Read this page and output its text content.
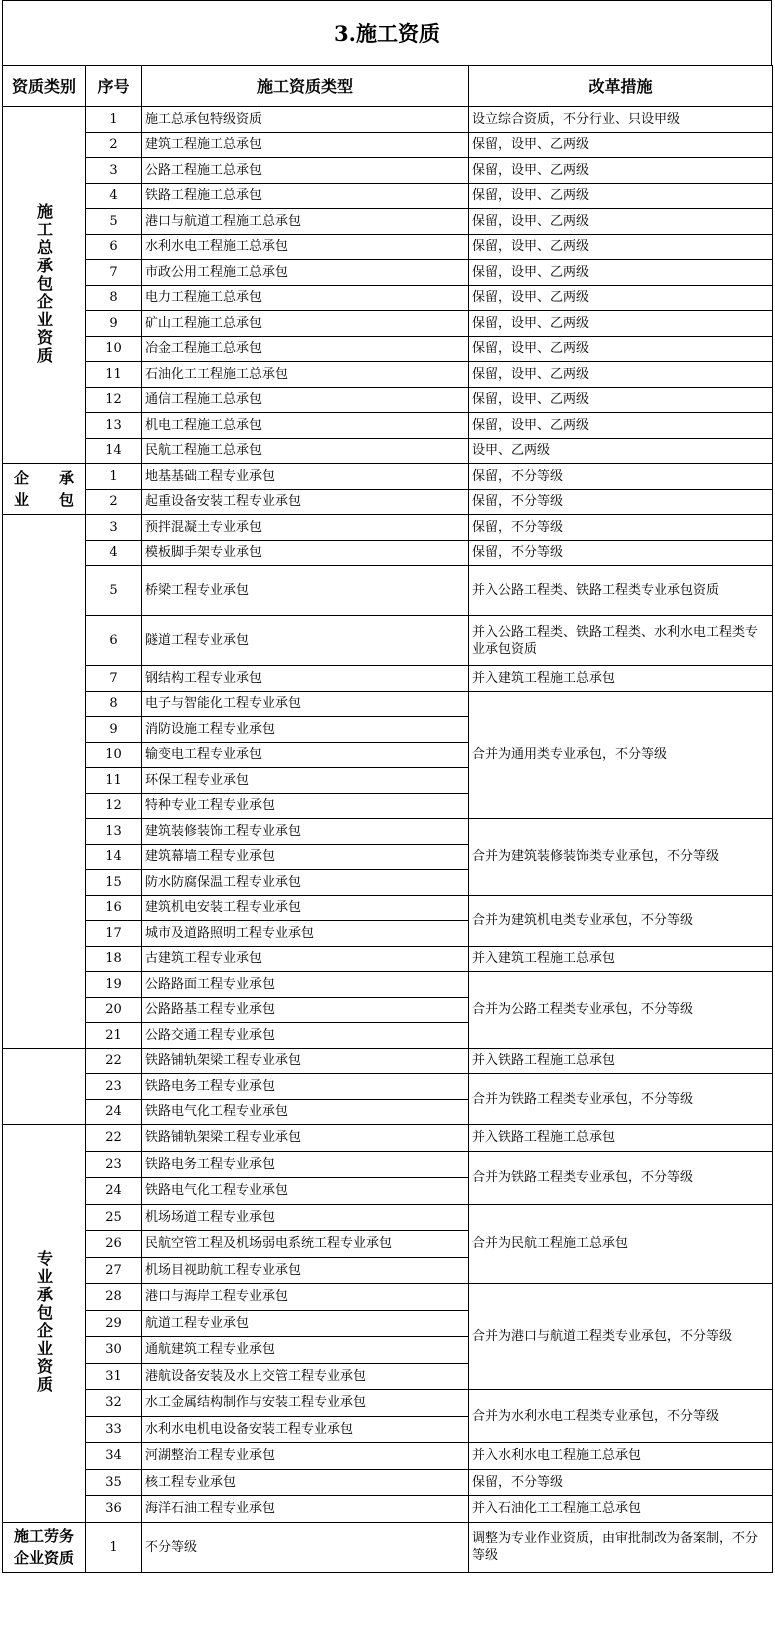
3.施工资质
资质类别	序号	施工资质类型	改革措施
施工总承包企业资质	1	施工总承包特级资质	设立综合资质，不分行业、只设甲级
	2	建筑工程施工总承包	保留，设甲、乙两级
	3	公路工程施工总承包	保留，设甲、乙两级
	4	铁路工程施工总承包	保留，设甲、乙两级
	5	港口与航道工程施工总承包	保留，设甲、乙两级
	6	水利水电工程施工总承包	保留，设甲、乙两级
	7	市政公用工程施工总承包	保留，设甲、乙两级
	8	电力工程施工总承包	保留，设甲、乙两级
	9	矿山工程施工总承包	保留，设甲、乙两级
	10	冶金工程施工总承包	保留，设甲、乙两级
	11	石油化工工程施工总承包	保留，设甲、乙两级
	12	通信工程施工总承包	保留，设甲、乙两级
	13	机电工程施工总承包	保留，设甲、乙两级
	14	民航工程施工总承包	设甲、乙两级

企　　承
业　　包	1	地基基础工程专业承包	保留，不分等级
	2	起重设备安装工程专业承包	保留，不分等级
	3	预拌混凝土专业承包	保留，不分等级
	4	模板脚手架专业承包	保留，不分等级
	5	桥梁工程专业承包	并入公路工程类、铁路工程类专业承包资质
	6	隧道工程专业承包	并入公路工程类、铁路工程类、水利水电工程类专业承包资质
	7	钢结构工程专业承包	并入建筑工程施工总承包
	8	电子与智能化工程专业承包	合并为通用类专业承包，不分等级
	9	消防设施工程专业承包	
	10	输变电工程专业承包	
	11	环保工程专业承包	
	12	特种专业工程专业承包	
	13	建筑装修装饰工程专业承包	合并为建筑装修装饰类专业承包，不分等级
	14	建筑幕墙工程专业承包	
	15	防水防腐保温工程专业承包	
	16	建筑机电安装工程专业承包	合并为建筑机电类专业承包，不分等级
	17	城市及道路照明工程专业承包	
	18	古建筑工程专业承包	并入建筑工程施工总承包
	19	公路路面工程专业承包	合并为公路工程类专业承包，不分等级
	20	公路路基工程专业承包	
	21	公路交通工程专业承包	
	22	铁路铺轨架梁工程专业承包	并入铁路工程施工总承包
	23	铁路电务工程专业承包	合并为铁路工程类专业承包，不分等级
	24	铁路电气化工程专业承包	
专业承包企业资质	22	铁路铺轨架梁工程专业承包	并入铁路工程施工总承包
	23	铁路电务工程专业承包	合并为铁路工程类专业承包，不分等级
	24	铁路电气化工程专业承包	
	25	机场场道工程专业承包	合并为民航工程施工总承包
	26	民航空管工程及机场弱电系统工程专业承包	
	27	机场目视助航工程专业承包	
	28	港口与海岸工程专业承包	合并为港口与航道工程类专业承包，不分等级
	29	航道工程专业承包	
	30	通航建筑工程专业承包	
	31	港航设备安装及水上交管工程专业承包	
	32	水工金属结构制作与安装工程专业承包	合并为水利水电工程类专业承包，不分等级
	33	水利水电机电设备安装工程专业承包	
	34	河湖整治工程专业承包	并入水利水电工程施工总承包
	35	核工程专业承包	保留，不分等级
	36	海洋石油工程专业承包	并入石油化工工程施工总承包

施工劳务
企业资质	1	不分等级	调整为专业作业资质，由审批制改为备案制，不分等级
